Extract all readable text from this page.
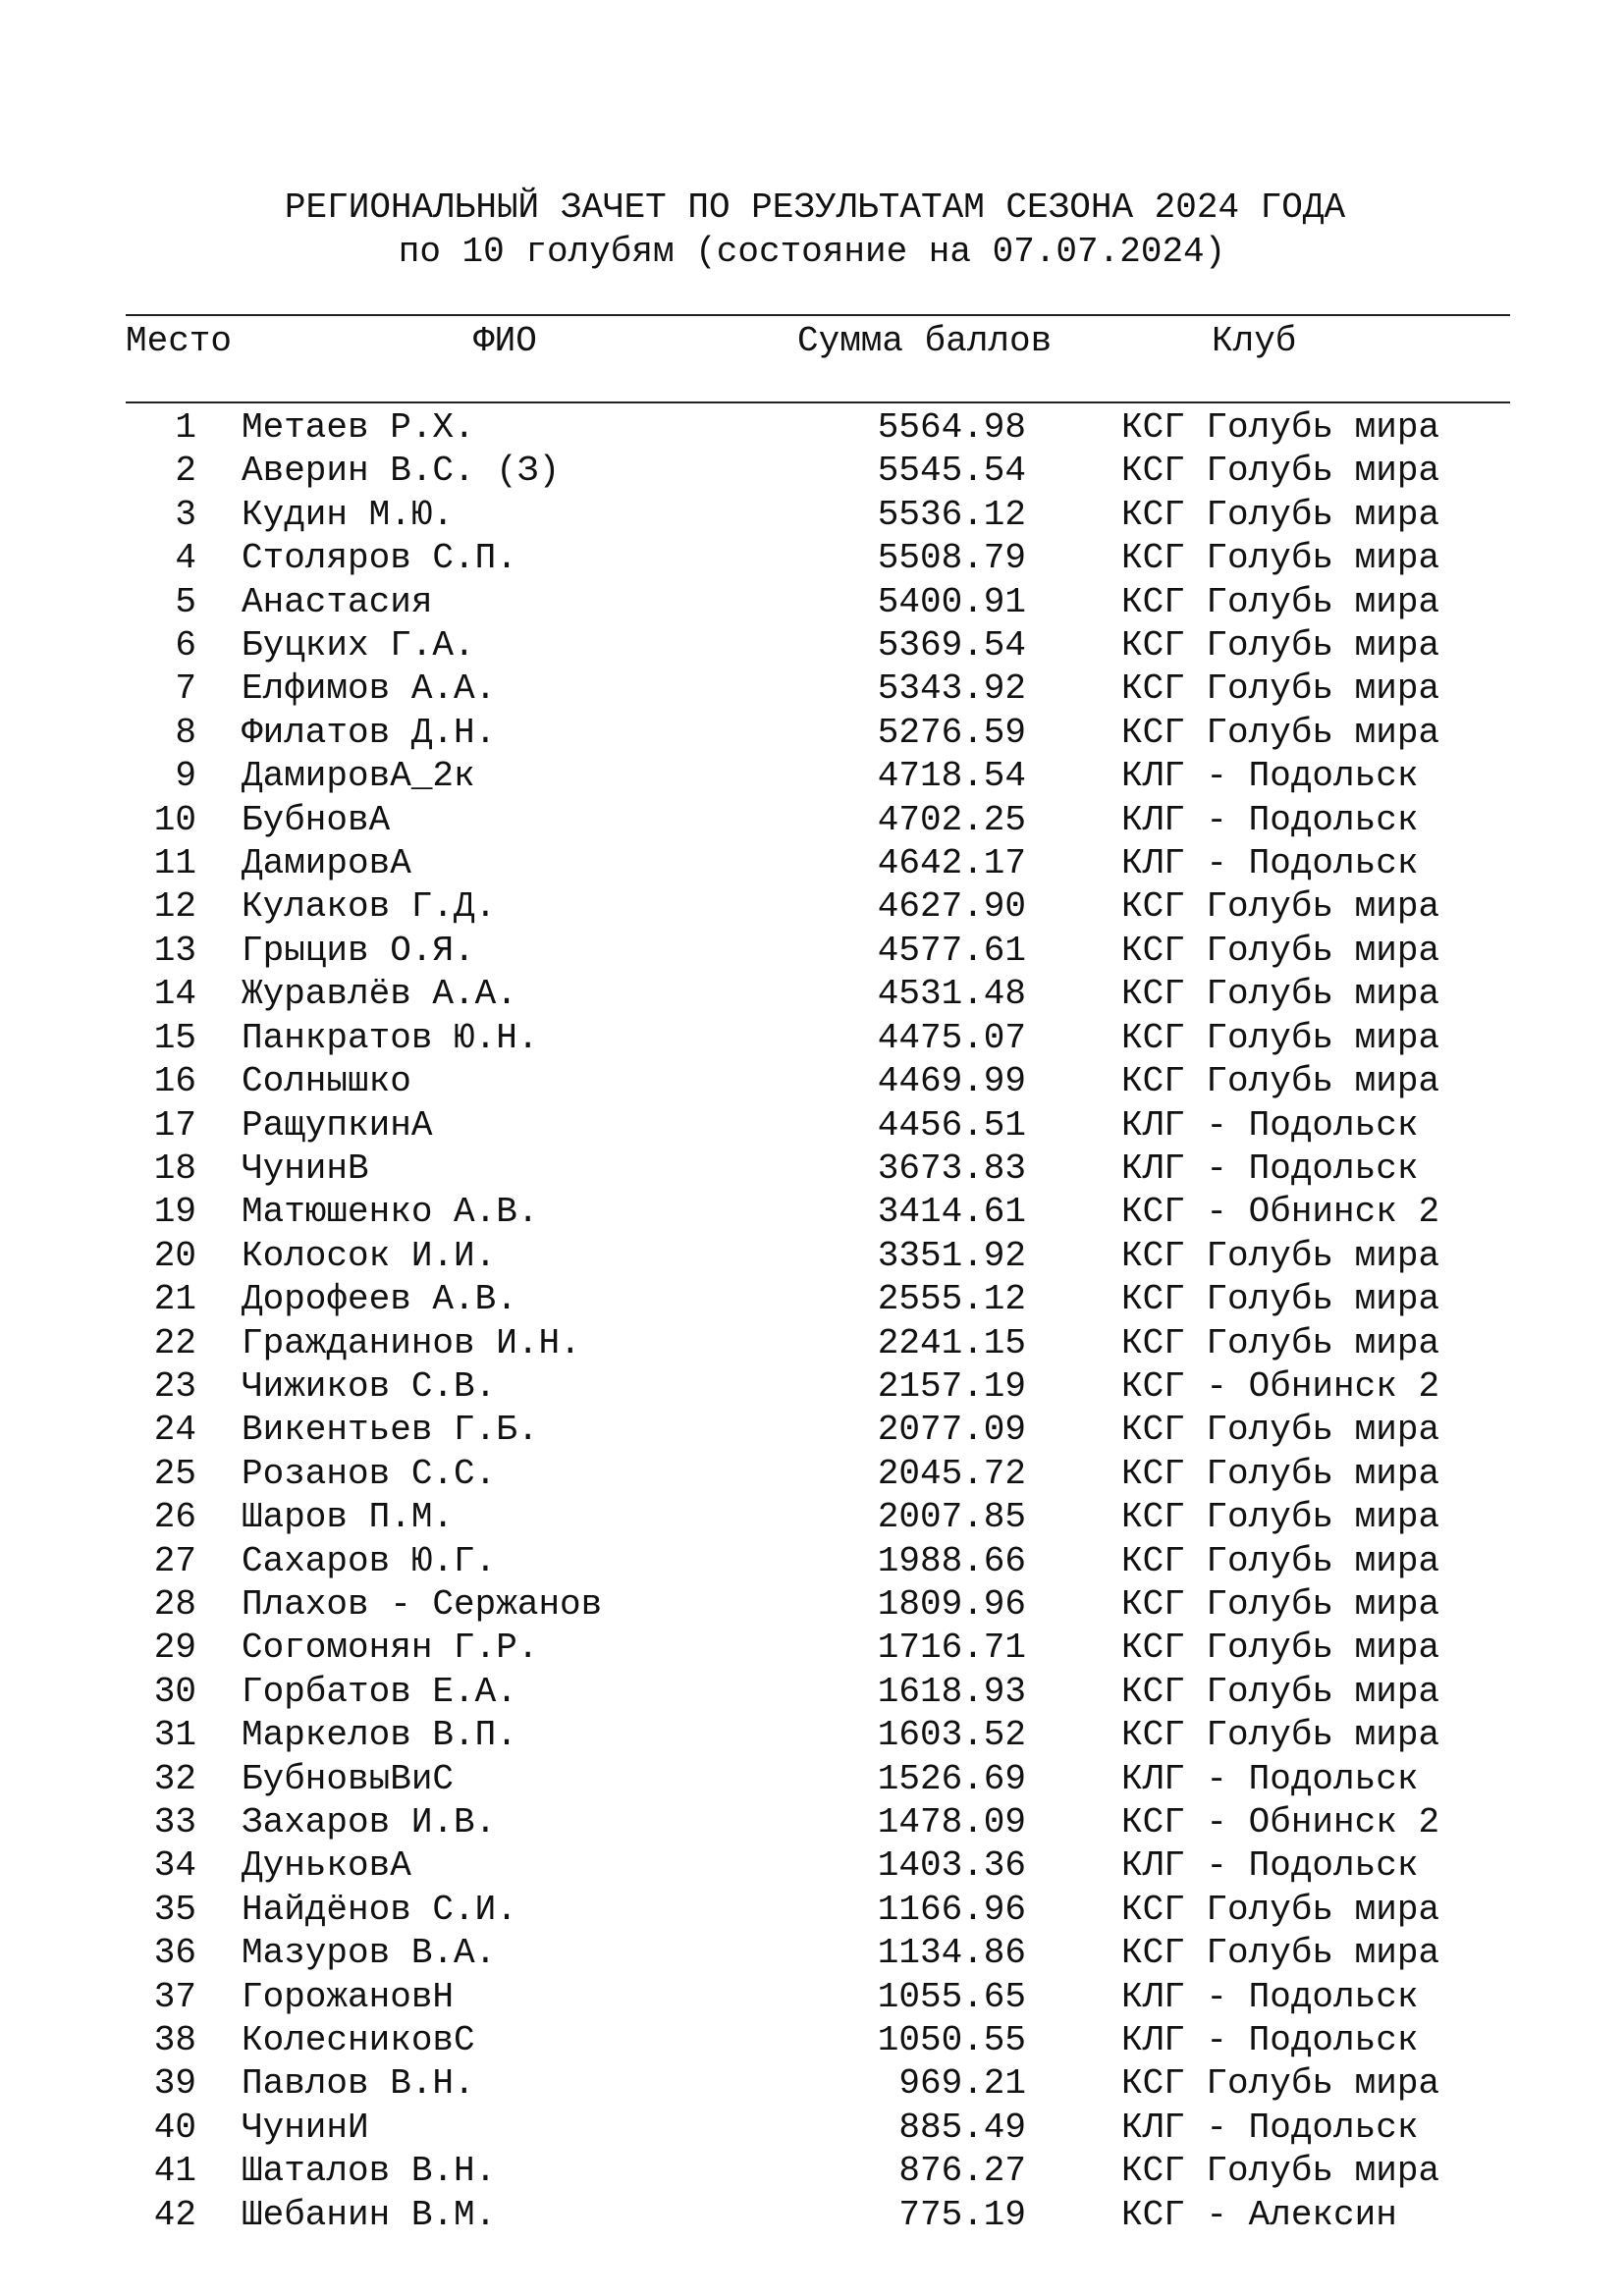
РЕГИОНАЛЬНЫЙ ЗАЧЕТ ПО РЕЗУЛЬТАТАМ СЕЗОНА 2024 ГОДА
по 10 голубям (состояние на 07.07.2024)
Место	ФИО	Сумма баллов	Клуб
1 Метаев Р.Х.	5564.98	КСГ Голубь мира
2 Аверин В.С. (З)	5545.54	КСГ Голубь мира
3 Кудин М.Ю.	5536.12	КСГ Голубь мира
4 Столяров С.П.	5508.79	КСГ Голубь мира
5 Анастасия	5400.91	КСГ Голубь мира
6 Буцких Г.А.	5369.54	КСГ Голубь мира
7 Елфимов А.А.	5343.92	КСГ Голубь мира
8 Филатов Д.Н.	5276.59	КСГ Голубь мира
9 ДамировА_2к	4718.54	КЛГ - Подольск
10 БубновА	4702.25	КЛГ - Подольск
11 ДамировА	4642.17	КЛГ - Подольск
12 Кулаков Г.Д.	4627.90	КСГ Голубь мира
13 Грыцив О.Я.	4577.61	КСГ Голубь мира
14 Журавлёв А.А.	4531.48	КСГ Голубь мира
15 Панкратов Ю.Н.	4475.07	КСГ Голубь мира
16 Солнышко	4469.99	КСГ Голубь мира
17 РащупкинА	4456.51	КЛГ - Подольск
18 ЧунинВ	3673.83	КЛГ - Подольск
19 Матюшенко А.В.	3414.61	КСГ - Обнинск 2
20 Колосок И.И.	3351.92	КСГ Голубь мира
21 Дорофеев А.В.	2555.12	КСГ Голубь мира
22 Гражданинов И.Н.	2241.15	КСГ Голубь мира
23 Чижиков С.В.	2157.19	КСГ - Обнинск 2
24 Викентьев Г.Б.	2077.09	КСГ Голубь мира
25 Розанов С.С.	2045.72	КСГ Голубь мира
26 Шаров П.М.	2007.85	КСГ Голубь мира
27 Сахаров Ю.Г.	1988.66	КСГ Голубь мира
28 Плахов - Сержанов	1809.96	КСГ Голубь мира
29 Согомонян Г.Р.	1716.71	КСГ Голубь мира
30 Горбатов Е.А.	1618.93	КСГ Голубь мира
31 Маркелов В.П.	1603.52	КСГ Голубь мира
32 БубновыВиС	1526.69	КЛГ - Подольск
33 Захаров И.В.	1478.09	КСГ - Обнинск 2
34 ДуньковА	1403.36	КЛГ - Подольск
35 Найдёнов С.И.	1166.96	КСГ Голубь мира
36 Мазуров В.А.	1134.86	КСГ Голубь мира
37 ГорожановН	1055.65	КЛГ - Подольск
38 КолесниковС	1050.55	КЛГ - Подольск
39 Павлов В.Н.	969.21	КСГ Голубь мира
40 ЧунинИ	885.49	КЛГ - Подольск
41 Шаталов В.Н.	876.27	КСГ Голубь мира
42 Шебанин В.М.	775.19	КСГ - Алексин
